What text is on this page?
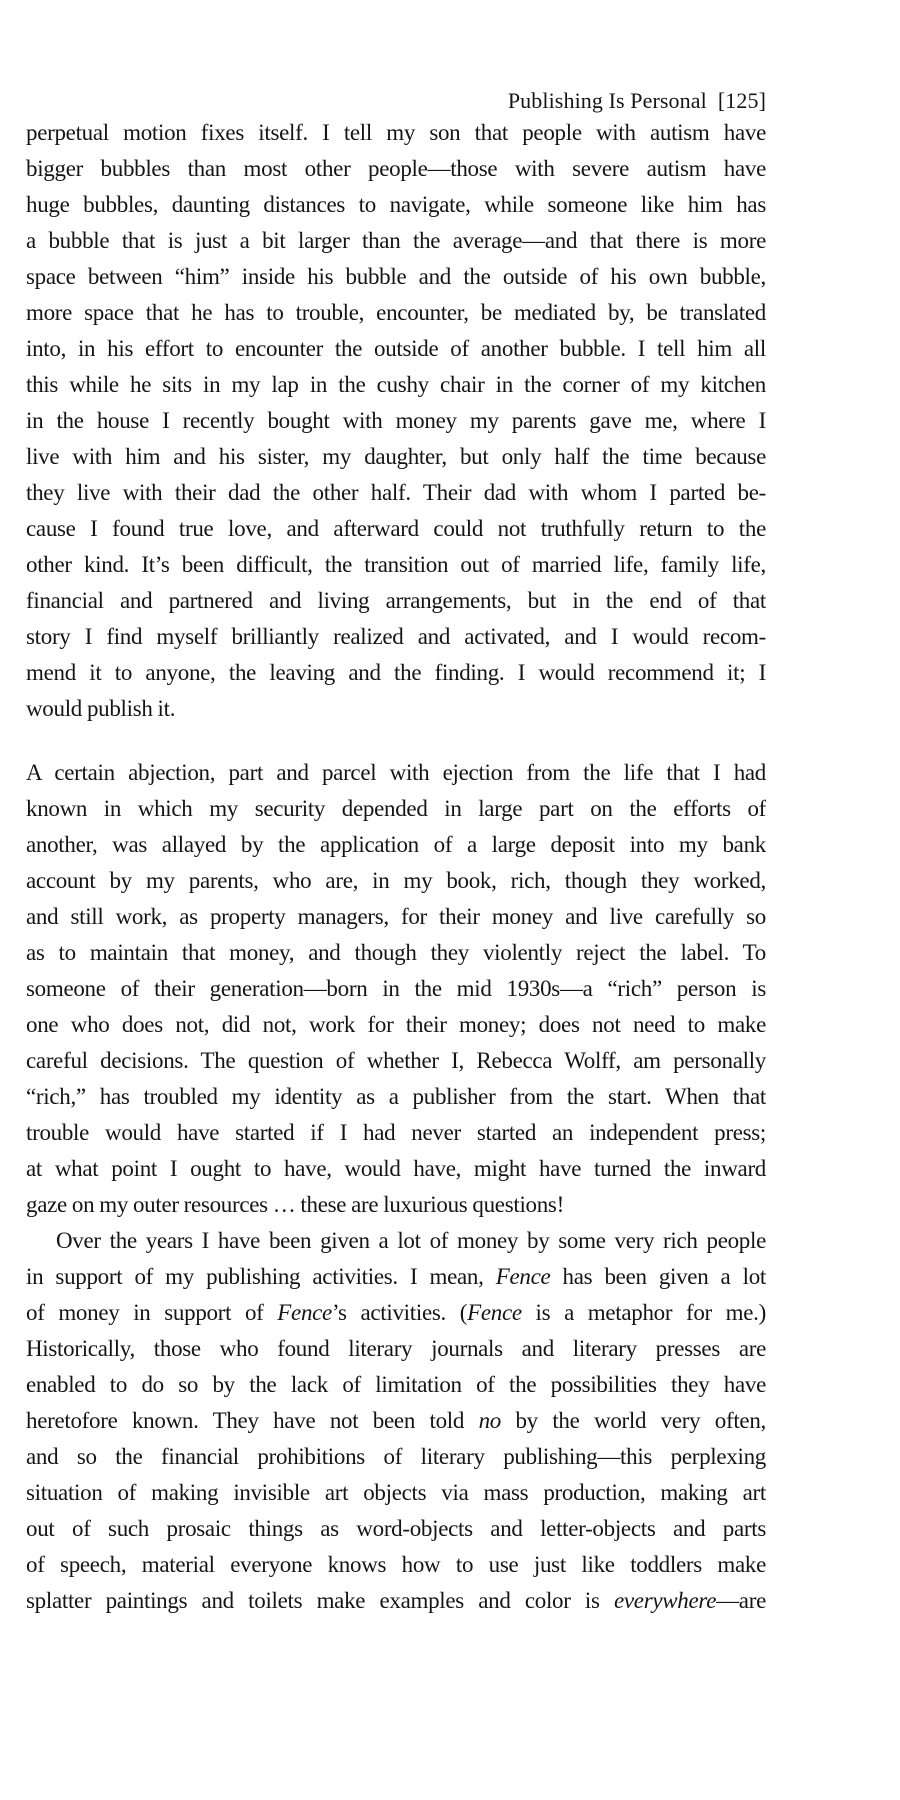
Publishing Is Personal [125]
perpetual motion fixes itself. I tell my son that people with autism have
bigger bubbles than most other people—those with severe autism have
huge bubbles, daunting distances to navigate, while someone like him has
a bubble that is just a bit larger than the average—and that there is more
space between “him” inside his bubble and the outside of his own bubble,
more space that he has to trouble, encounter, be mediated by, be translated
into, in his effort to encounter the outside of another bubble. I tell him all
this while he sits in my lap in the cushy chair in the corner of my kitchen
in the house I recently bought with money my parents gave me, where I
live with him and his sister, my daughter, but only half the time because
they live with their dad the other half. Their dad with whom I parted be-
cause I found true love, and afterward could not truthfully return to the
other kind. It’s been difficult, the transition out of married life, family life,
financial and partnered and living arrangements, but in the end of that
story I find myself brilliantly realized and activated, and I would recom-
mend it to anyone, the leaving and the finding. I would recommend it; I
would publish it.
A certain abjection, part and parcel with ejection from the life that I had
known in which my security depended in large part on the efforts of
another, was allayed by the application of a large deposit into my bank
account by my parents, who are, in my book, rich, though they worked,
and still work, as property managers, for their money and live carefully so
as to maintain that money, and though they violently reject the label. To
someone of their generation—born in the mid 1930s—a “rich” person is
one who does not, did not, work for their money; does not need to make
careful decisions. The question of whether I, Rebecca Wolff, am personally
“rich,” has troubled my identity as a publisher from the start. When that
trouble would have started if I had never started an independent press;
at what point I ought to have, would have, might have turned the inward
gaze on my outer resources … these are luxurious questions!
Over the years I have been given a lot of money by some very rich people
in support of my publishing activities. I mean, Fence has been given a lot
of money in support of Fence’s activities. (Fence is a metaphor for me.)
Historically, those who found literary journals and literary presses are
enabled to do so by the lack of limitation of the possibilities they have
heretofore known. They have not been told no by the world very often,
and so the financial prohibitions of literary publishing—this perplexing
situation of making invisible art objects via mass production, making art
out of such prosaic things as word-objects and letter-objects and parts
of speech, material everyone knows how to use just like toddlers make
splatter paintings and toilets make examples and color is everywhere—are
